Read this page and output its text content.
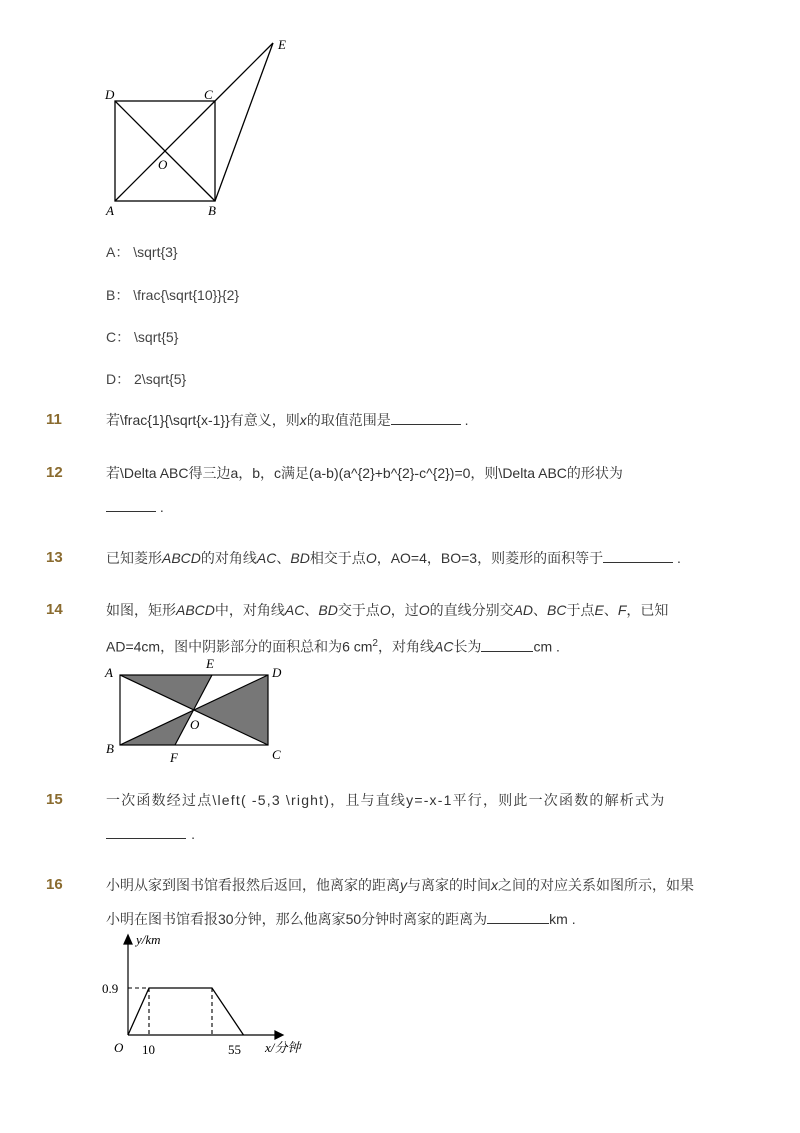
D	C
E
O
A	B
A： \sqrt{3}
B： \frac{\sqrt{10}}{2}
C： \sqrt{5}
D： 2\sqrt{5}
11	若\frac{1}{\sqrt{x-1}}有意义，则x的取值范围是	.
12	若\Delta ABC得三边a，b，c满足(a-b)(a^{2}+b^{2}-c^{2})=0，则\Delta ABC的形状为
.
13	已知菱形ABCD的对角线AC、BD相交于点O，AO=4，BO=3，则菱形的面积等于	.
14	如图，矩形ABCD中，对角线AC、BD交于点O，过O的直线分别交AD、BC于点E、F，已知
AD=4cm，图中阴影部分的面积总和为6 $cm^2$，对角线AC长为	cm .
A
E
D
O
B
F	C
15	一次函数经过点\left( -5,3 \right)，且与直线y=-x-1平行，则此一次函数的解析式为
.
16	小明从家到图书馆看报然后返回，他离家的距离y与离家的时间x之间的对应关系如图所示，如果
小明在图书馆看报30分钟，那么他离家50分钟时离家的距离为	km .
y/km
x/分钟
O
0.9
10	55
